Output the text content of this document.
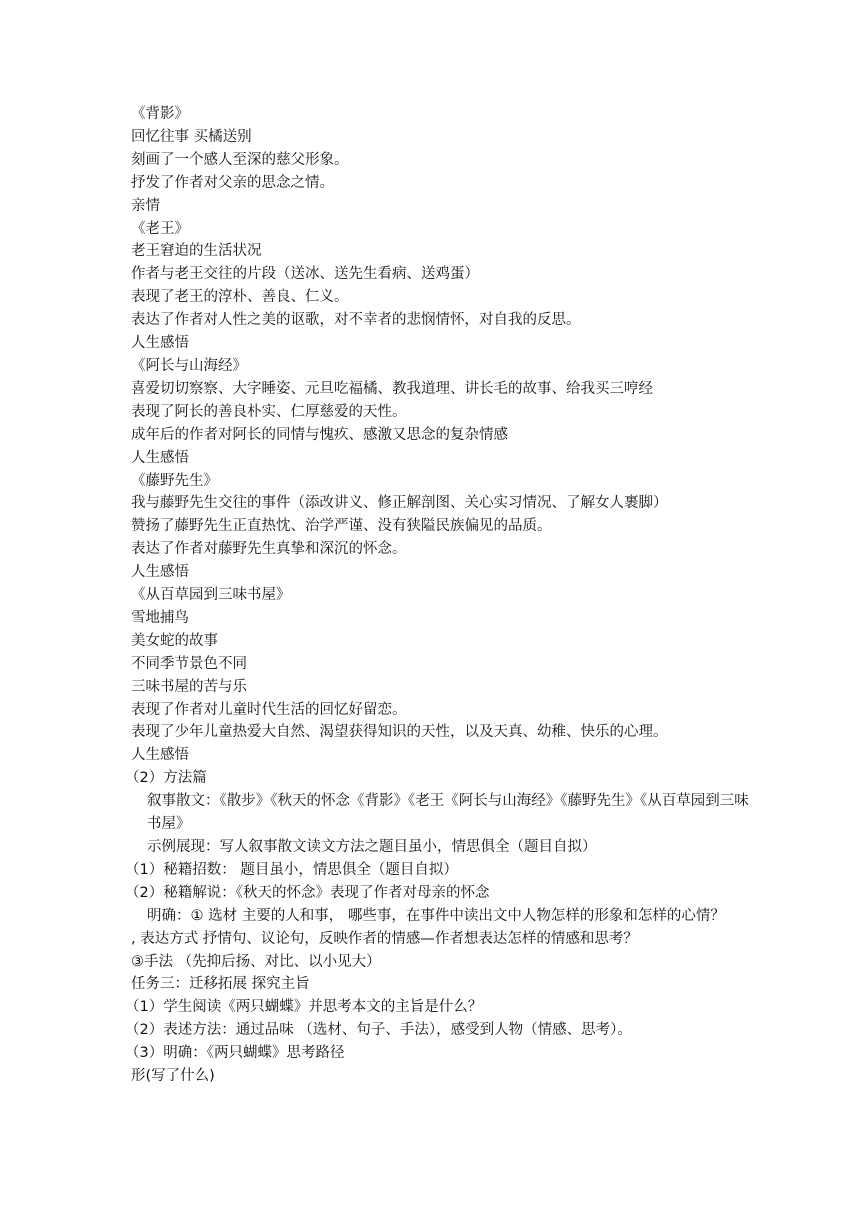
《背影》

回忆往事 买橘送别

刻画了一个感人至深的慈父形象。

抒发了作者对父亲的思念之情。

亲情

《老王》

老王窘迫的生活状况

作者与老王交往的片段（送冰、送先生看病、送鸡蛋）

表现了老王的淳朴、善良、仁义。

表达了作者对人性之美的讴歌，对不幸者的悲悯情怀，对自我的反思。

人生感悟

《阿长与山海经》

喜爱切切察察、大字睡姿、元旦吃福橘、教我道理、讲长毛的故事、给我买三哼经

表现了阿长的善良朴实、仁厚慈爱的天性。

成年后的作者对阿长的同情与愧疚、感激又思念的复杂情感

人生感悟

《藤野先生》

我与藤野先生交往的事件（添改讲义、修正解剖图、关心实习情况、了解女人裹脚）

赞扬了藤野先生正直热忱、治学严谨、没有狭隘民族偏见的品质。

表达了作者对藤野先生真挚和深沉的怀念。

人生感悟

《从百草园到三味书屋》

雪地捕鸟

美女蛇的故事

不同季节景色不同

三味书屋的苦与乐

表现了作者对儿童时代生活的回忆好留恋。

表现了少年儿童热爱大自然、渴望获得知识的天性，以及天真、幼稚、快乐的心理。

人生感悟

（2）方法篇

叙事散文：《散步》《秋天的怀念《背影》《老王《阿长与山海经》《藤野先生》《从百草园到三味书屋》

示例展现：写人叙事散文读文方法之题目虽小，情思俱全（题目自拟）

（1）秘籍招数： 题目虽小，情思俱全（题目自拟）

（2）秘籍解说：《秋天的怀念》表现了作者对母亲的怀念

明确：① 选材 主要的人和事， 哪些事，在事件中读出文中人物怎样的形象和怎样的心情？

, 表达方式 抒情句、议论句，反映作者的情感—作者想表达怎样的情感和思考？

③手法 （先抑后扬、对比、以小见大）

任务三：迁移拓展 探究主旨

（1）学生阅读《两只蝴蝶》并思考本文的主旨是什么？

（2）表述方法：通过品味 （选材、句子、手法），感受到人物（情感、思考）。

（3）明确：《两只蝴蝶》思考路径

形(写了什么)
